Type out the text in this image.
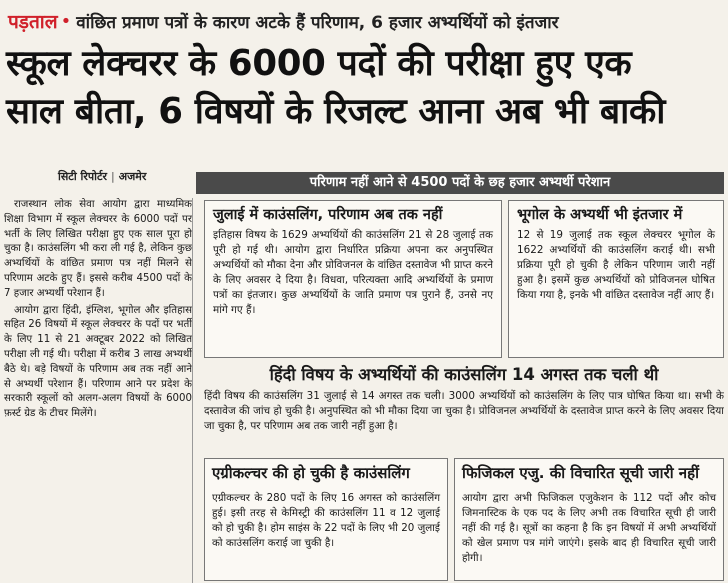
पड़ताल • वांछित प्रमाण पत्रों के कारण अटके हैं परिणाम, 6 हजार अभ्यर्थियों को इंतजार
स्कूल लेक्चरर के 6000 पदों की परीक्षा हुए एक
साल बीता, 6 विषयों के रिजल्ट आना अब भी बाकी
सिटी रिपोर्टर | अजमेर	परिणाम नहीं आने से 4500 पदों के छह हजार अभ्यर्थी परेशान

राजस्थान लोक सेवा आयोग द्वारा माध्यमिक शिक्षा विभाग में स्कूल लेक्चरर के 6000 पदों पर भर्ती के लिए लिखित परीक्षा हुए एक साल पूरा हो चुका है। काउंसलिंग भी करा ली गई है, लेकिन कुछ अभ्यर्थियों के वांछित प्रमाण पत्र नहीं मिलने से परिणाम अटके हुए हैं। इससे करीब 4500 पदों के 7 हजार अभ्यर्थी परेशान हैं।

आयोग द्वारा हिंदी, इंग्लिश, भूगोल और इतिहास सहित 26 विषयों में स्कूल लेक्चरर के पदों पर भर्ती के लिए 11 से 21 अक्टूबर 2022 को लिखित परीक्षा ली गई थी। परीक्षा में करीब 3 लाख अभ्यर्थी बैठे थे। बड़े विषयों के परिणाम अब तक नहीं आने से अभ्यर्थी परेशान हैं। परिणाम आने पर प्रदेश के सरकारी स्कूलों को अलग-अलग विषयों के 6000 फ़र्स्ट ग्रेड के टीचर मिलेंगे।

जुलाई में काउंसलिंग, परिणाम अब तक नहीं

इतिहास विषय के 1629 अभ्यर्थियों की काउंसलिंग 21 से 28 जुलाई तक पूरी हो गई थी। आयोग द्वारा निर्धारित प्रक्रिया अपना कर अनुपस्थित अभ्यर्थियों को मौका देना और प्रोविजनल के वांछित दस्तावेज भी प्राप्त करने के लिए अवसर दे दिया है। विधवा, परित्यक्ता आदि अभ्यर्थियों के प्रमाण पत्रों का इंतजार। कुछ अभ्यर्थियों के जाति प्रमाण पत्र पुराने हैं, उनसे नए मांगे गए हैं।

भूगोल के अभ्यर्थी भी इंतजार में

12 से 19 जुलाई तक स्कूल लेक्चरर भूगोल के 1622 अभ्यर्थियों की काउंसलिंग कराई थी। सभी प्रक्रिया पूरी हो चुकी है लेकिन परिणाम जारी नहीं हुआ है। इसमें कुछ अभ्यर्थियों को प्रोविजनल घोषित किया गया है, इनके भी वांछित दस्तावेज नहीं आए हैं।

हिंदी विषय के अभ्यर्थियों की काउंसलिंग 14 अगस्त तक चली थी

हिंदी विषय की काउंसलिंग 31 जुलाई से 14 अगस्त तक चली। 3000 अभ्यर्थियों को काउंसलिंग के लिए पात्र घोषित किया था। सभी के दस्तावेज की जांच हो चुकी है। अनुपस्थित को भी मौका दिया जा चुका है। प्रोविजनल अभ्यर्थियों के दस्तावेज प्राप्त करने के लिए अवसर दिया जा चुका है, पर परिणाम अब तक जारी नहीं हुआ है।

एग्रीकल्चर की हो चुकी है काउंसलिंग

एग्रीकल्चर के 280 पदों के लिए 16 अगस्त को काउंसलिंग हुई। इसी तरह से केमिस्ट्री की काउंसलिंग 11 व 12 जुलाई को हो चुकी है। होम साइंस के 22 पदों के लिए भी 20 जुलाई को काउंसलिंग कराई जा चुकी है।

फिजिकल एजु. की विचारित सूची जारी नहीं

आयोग द्वारा अभी फिजिकल एजुकेशन के 112 पदों और कोच जिमनास्टिक के एक पद के लिए अभी तक विचारित सूची ही जारी नहीं की गई है। सूत्रों का कहना है कि इन विषयों में अभी अभ्यर्थियों को खेल प्रमाण पत्र मांगे जाएंगे। इसके बाद ही विचारित सूची जारी होगी।
